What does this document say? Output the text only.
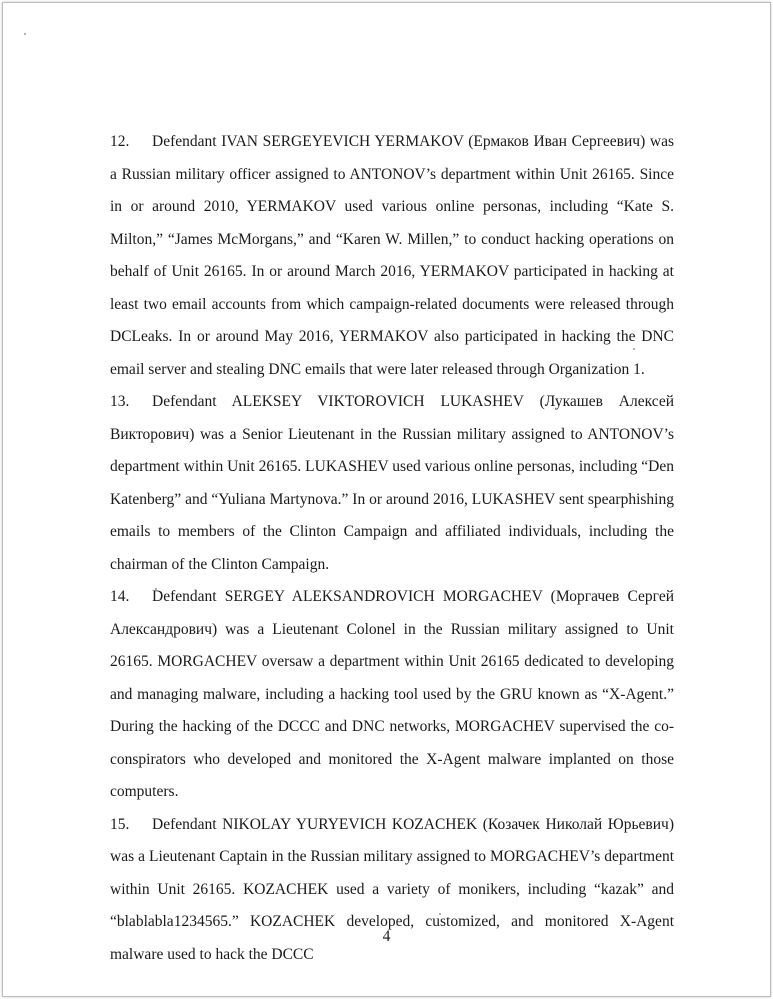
12. Defendant IVAN SERGEYEVICH YERMAKOV (Ермаков Иван Сергеевич) was a Russian military officer assigned to ANTONOV’s department within Unit 26165. Since in or around 2010, YERMAKOV used various online personas, including “Kate S. Milton,” “James McMorgans,” and “Karen W. Millen,” to conduct hacking operations on behalf of Unit 26165. In or around March 2016, YERMAKOV participated in hacking at least two email accounts from which campaign-related documents were released through DCLeaks. In or around May 2016, YERMAKOV also participated in hacking the DNC email server and stealing DNC emails that were later released through Organization 1.

13. Defendant ALEKSEY VIKTOROVICH LUKASHEV (Лукашев Алексей Викторович) was a Senior Lieutenant in the Russian military assigned to ANTONOV’s department within Unit 26165. LUKASHEV used various online personas, including “Den Katenberg” and “Yuliana Martynova.” In or around 2016, LUKASHEV sent spearphishing emails to members of the Clinton Campaign and affiliated individuals, including the chairman of the Clinton Campaign.

14. Defendant SERGEY ALEKSANDROVICH MORGACHEV (Моргачев Сергей Александрович) was a Lieutenant Colonel in the Russian military assigned to Unit 26165. MORGACHEV oversaw a department within Unit 26165 dedicated to developing and managing malware, including a hacking tool used by the GRU known as “X-Agent.” During the hacking of the DCCC and DNC networks, MORGACHEV supervised the co-conspirators who developed and monitored the X-Agent malware implanted on those computers.

15. Defendant NIKOLAY YURYEVICH KOZACHEK (Козачек Николай Юрьевич) was a Lieutenant Captain in the Russian military assigned to MORGACHEV’s department within Unit 26165. KOZACHEK used a variety of monikers, including “kazak” and “blablabla1234565.” KOZACHEK developed, customized, and monitored X-Agent malware used to hack the DCCC

4
